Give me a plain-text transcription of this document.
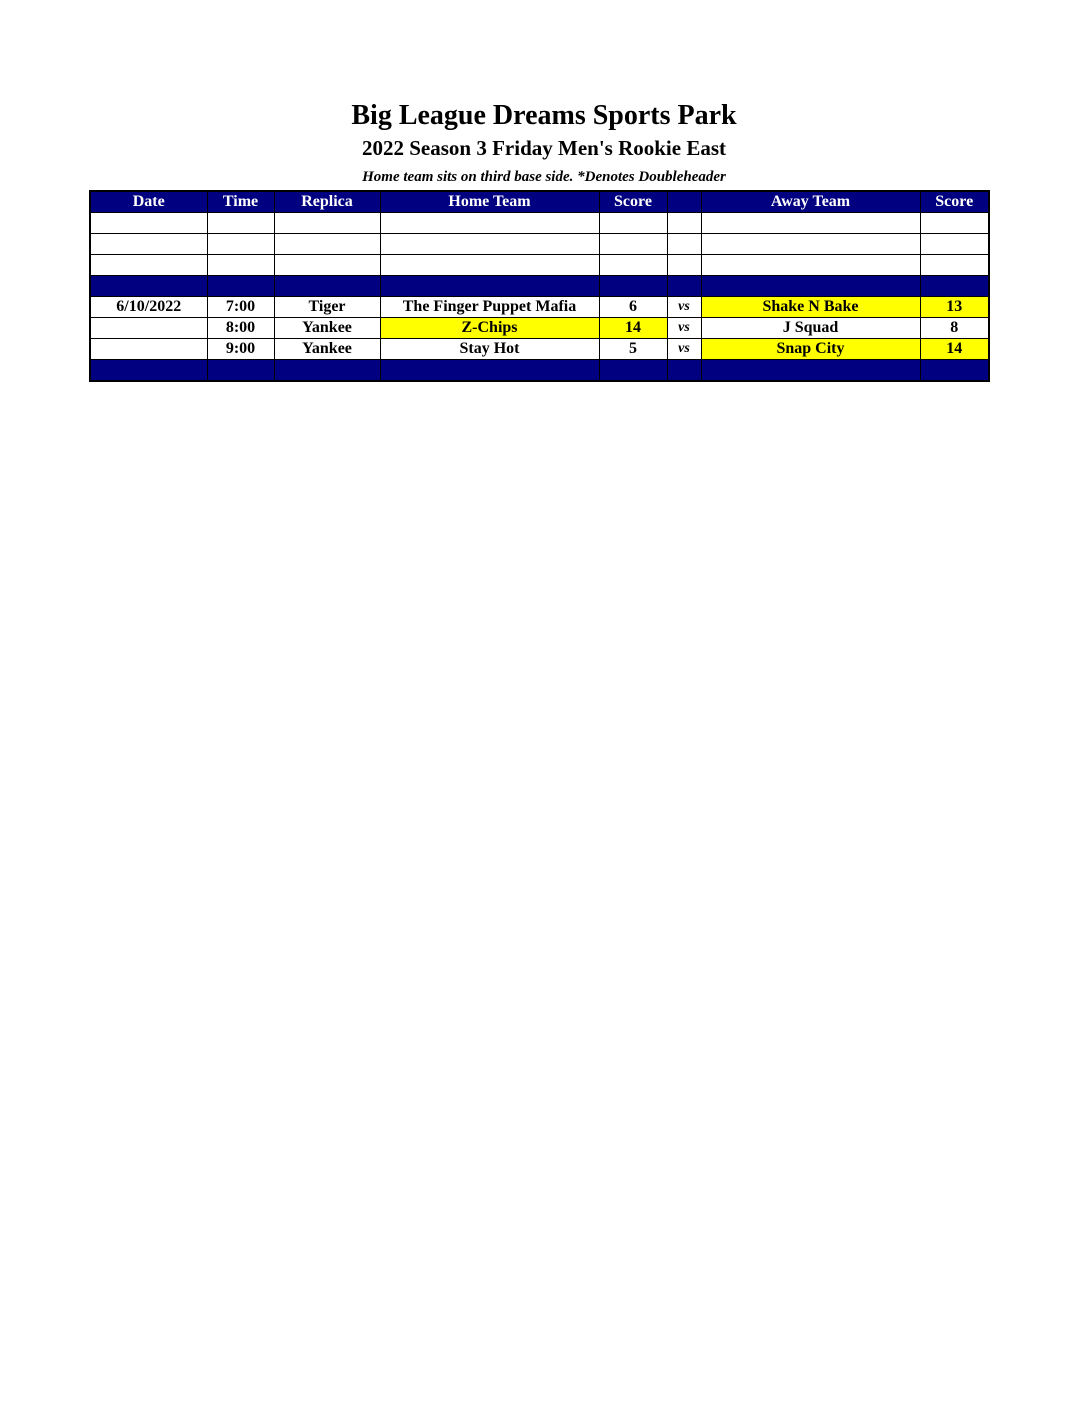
Big League Dreams Sports Park
2022 Season 3 Friday Men's Rookie East
Home team sits on third base side. *Denotes Doubleheader
Date	Time	Replica	Home Team	Score		Away Team	Score

6/10/2022	7:00	Tiger	The Finger Puppet Mafia	6	vs	Shake N Bake	13
	8:00	Yankee	Z-Chips	14	vs	J Squad	8
	9:00	Yankee	Stay Hot	5	vs	Snap City	14
